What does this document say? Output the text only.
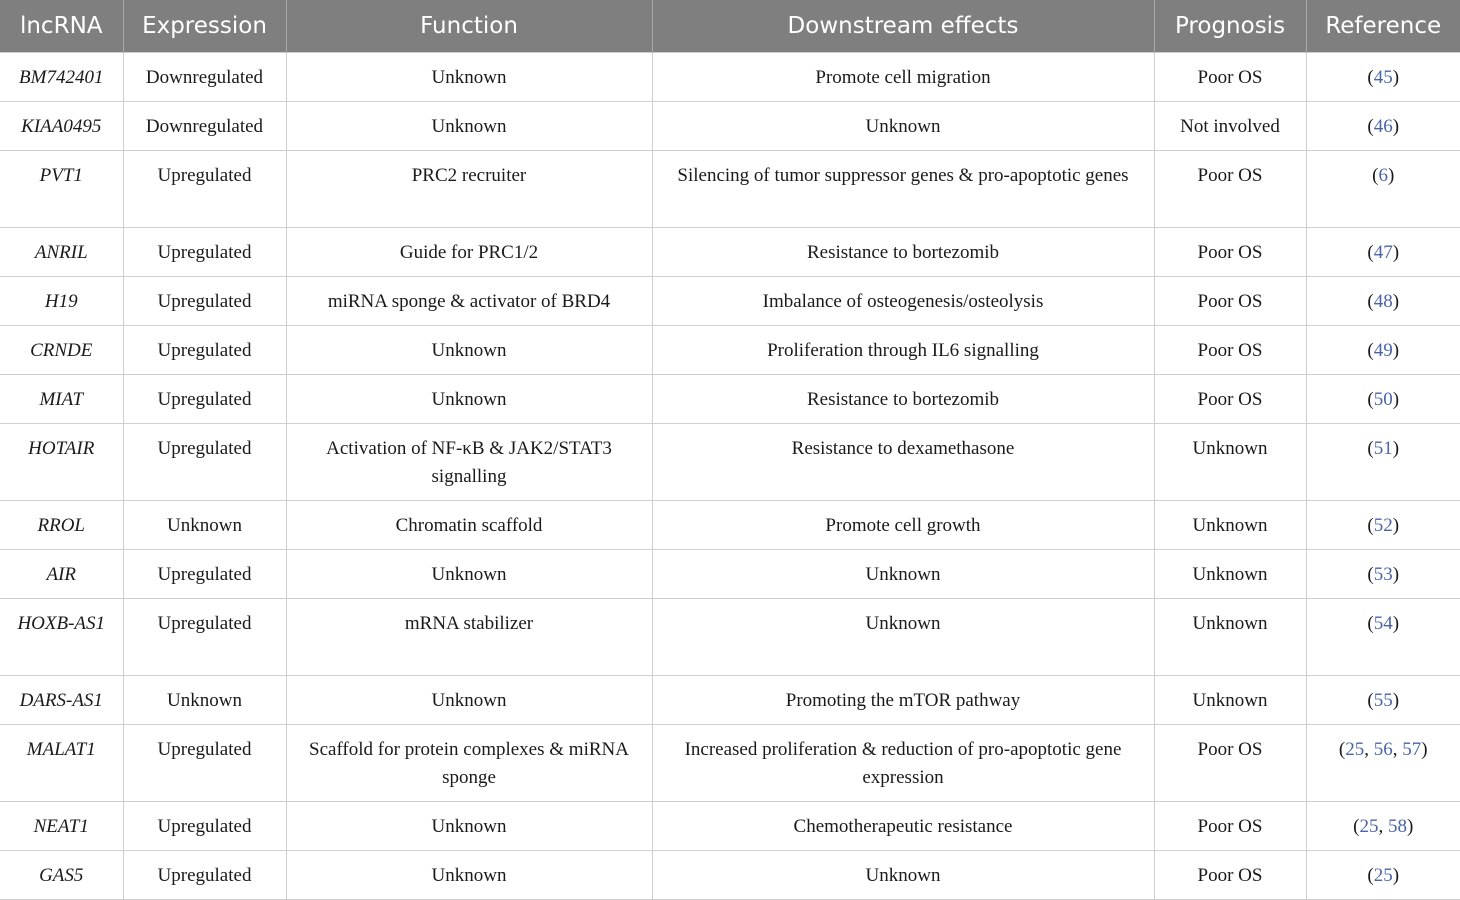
lncRNA	Expression	Function	Downstream effects	Prognosis	Reference
BM742401	Downregulated	Unknown	Promote cell migration	Poor OS	(45)
KIAA0495	Downregulated	Unknown	Unknown	Not involved	(46)
PVT1	Upregulated	PRC2 recruiter	Silencing of tumor suppressor genes & pro-apoptotic genes	Poor OS	(6)
ANRIL	Upregulated	Guide for PRC1/2	Resistance to bortezomib	Poor OS	(47)
H19	Upregulated	miRNA sponge & activator of BRD4	Imbalance of osteogenesis/osteolysis	Poor OS	(48)
CRNDE	Upregulated	Unknown	Proliferation through IL6 signalling	Poor OS	(49)
MIAT	Upregulated	Unknown	Resistance to bortezomib	Poor OS	(50)
HOTAIR	Upregulated	Activation of NF-κB & JAK2/STAT3 signalling	Resistance to dexamethasone	Unknown	(51)
RROL	Unknown	Chromatin scaffold	Promote cell growth	Unknown	(52)
AIR	Upregulated	Unknown	Unknown	Unknown	(53)
HOXB-AS1	Upregulated	mRNA stabilizer	Unknown	Unknown	(54)
DARS-AS1	Unknown	Unknown	Promoting the mTOR pathway	Unknown	(55)
MALAT1	Upregulated	Scaffold for protein complexes & miRNA sponge	Increased proliferation & reduction of pro-apoptotic gene expression	Poor OS	(25, 56, 57)
NEAT1	Upregulated	Unknown	Chemotherapeutic resistance	Poor OS	(25, 58)
GAS5	Upregulated	Unknown	Unknown	Poor OS	(25)
